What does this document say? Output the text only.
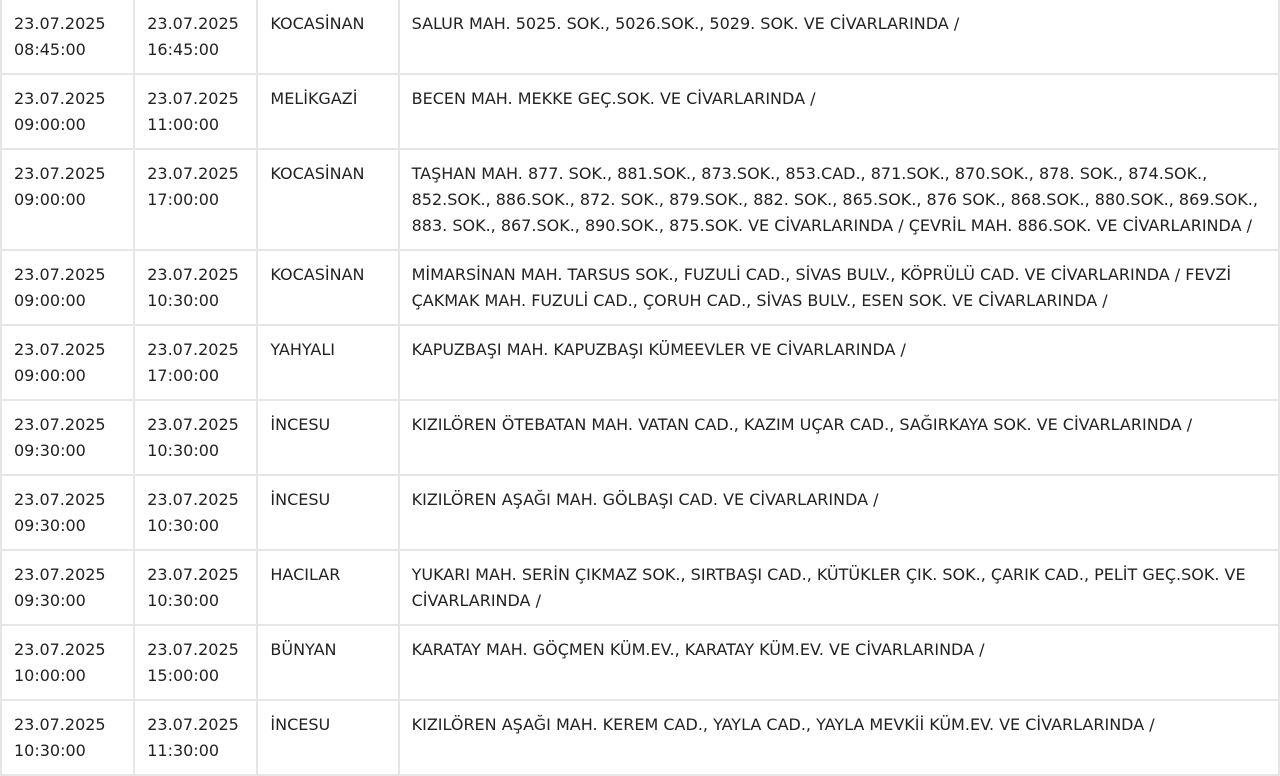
23.07.2025
08:45:00	23.07.2025
16:45:00	KOCASİNAN	SALUR MAH. 5025. SOK., 5026.SOK., 5029. SOK. VE CİVARLARINDA /

23.07.2025
09:00:00	23.07.2025
11:00:00	MELİKGAZİ	BECEN MAH. MEKKE GEÇ.SOK. VE CİVARLARINDA /

23.07.2025
09:00:00	23.07.2025
17:00:00	KOCASİNAN	TAŞHAN MAH. 877. SOK., 881.SOK., 873.SOK., 853.CAD., 871.SOK., 870.SOK., 878. SOK., 874.SOK., 852.SOK., 886.SOK., 872. SOK., 879.SOK., 882. SOK., 865.SOK., 876 SOK., 868.SOK., 880.SOK., 869.SOK., 883. SOK., 867.SOK., 890.SOK., 875.SOK. VE CİVARLARINDA / ÇEVRİL MAH. 886.SOK. VE CİVARLARINDA /

23.07.2025
09:00:00	23.07.2025
10:30:00	KOCASİNAN	MİMARSİNAN MAH. TARSUS SOK., FUZULİ CAD., SİVAS BULV., KÖPRÜLÜ CAD. VE CİVARLARINDA / FEVZİ ÇAKMAK MAH. FUZULİ CAD., ÇORUH CAD., SİVAS BULV., ESEN SOK. VE CİVARLARINDA /

23.07.2025
09:00:00	23.07.2025
17:00:00	YAHYALI	KAPUZBAŞI MAH. KAPUZBAŞI KÜMEEVLER VE CİVARLARINDA /

23.07.2025
09:30:00	23.07.2025
10:30:00	İNCESU	KIZILÖREN ÖTEBATAN MAH. VATAN CAD., KAZIM UÇAR CAD., SAĞIRKAYA SOK. VE CİVARLARINDA /

23.07.2025
09:30:00	23.07.2025
10:30:00	İNCESU	KIZILÖREN AŞAĞI MAH. GÖLBAŞI CAD. VE CİVARLARINDA /

23.07.2025
09:30:00	23.07.2025
10:30:00	HACILAR	YUKARI MAH. SERİN ÇIKMAZ SOK., SIRTBAŞI CAD., KÜTÜKLER ÇIK. SOK., ÇARIK CAD., PELİT GEÇ.SOK. VE CİVARLARINDA /

23.07.2025
10:00:00	23.07.2025
15:00:00	BÜNYAN	KARATAY MAH. GÖÇMEN KÜM.EV., KARATAY KÜM.EV. VE CİVARLARINDA /

23.07.2025
10:30:00	23.07.2025
11:30:00	İNCESU	KIZILÖREN AŞAĞI MAH. KEREM CAD., YAYLA CAD., YAYLA MEVKİİ KÜM.EV. VE CİVARLARINDA /
